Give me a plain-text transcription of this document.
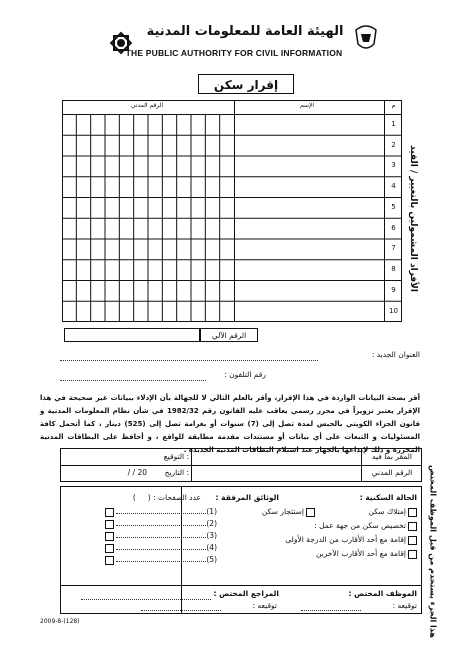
الهيئة العامة للمعلومات المدنية
THE PUBLIC AUTHORITY FOR CIVIL INFORMATION
إقرار سكن
الرقم المدني	الإسم	م
1
2
3
4
5
6
7
8
9
10
الأفراد المشمولين بالتغيير / القيد
الرقم الآلي
العنوان الجديد :
رقم التلفون :
أقر بصحة البيانات الواردة في هذا الإقرار، وأقر بالعلم التالي لا للجهالة بأن الإدلاء ببيانات غير صحيحة في هذا الإقرار يعتبر تزويراً في محرر رسمي يعاقب عليه القانون رقم 1982/32 في شأن نظام المعلومات المدنية و قانون الجزاء الكويتي بالحبس لمدة تصل إلى (7) سنوات أو بغرامة تصل إلى (525) دينار ، كما أتحمل كافة المسئوليات و التبعات على أي بيانات أو مستندات مقدمة مطابقة للواقع ، و أحافظ على البطاقات المدنية المحررة و ذلك لإبداعها بالجهاز عند استلام البطاقات المدنية الجديدة .
المقر بما فيه
الرقم المدني
: التوقيع
: التاريخ
20 / /
الحالة السكنية :
إمتلاك سكن
إستئجار سكن
تخصيص سكن من جهة عمل :
إقامة مع أحد الأقارب من الدرجة الأولى
إقامة مع أحد الأقارب الآخرين
الوثائق المرفقة :
عدد الصفحات : (     )
(1)
(2)
(3)
(4)
(5)
الموظف المختص :
توقيعه :
المراجع المختص :
توقيعه :	هذا الجزء يستخدم من قبل الموظف المختص
2009-8-(128)
